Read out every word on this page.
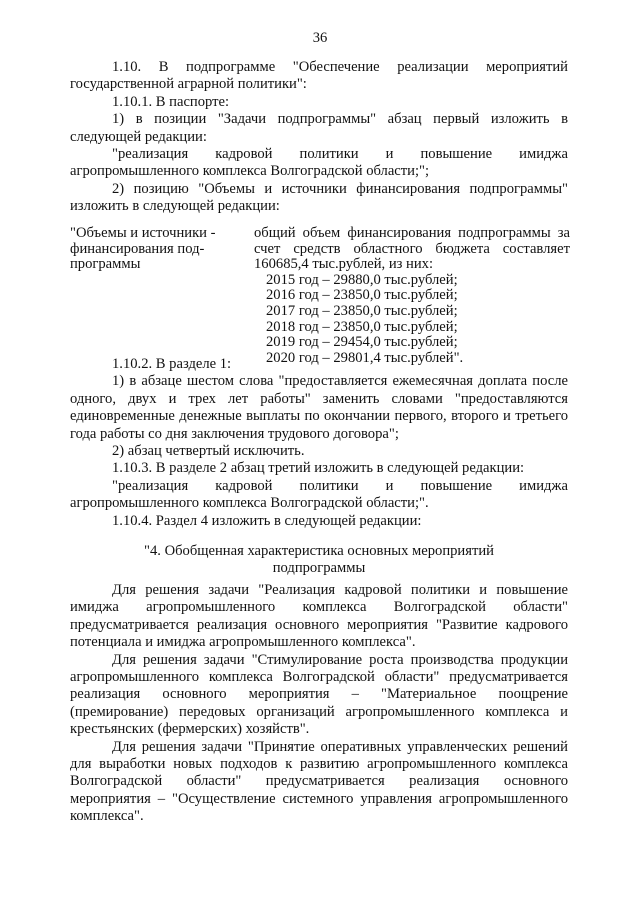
36

1.10. В подпрограмме "Обеспечение реализации мероприятий государственной аграрной политики":

1.10.1. В паспорте:

1) в позиции "Задачи подпрограммы" абзац первый изложить в следующей редакции:

"реализация кадровой политики и повышение имиджа агропромышленного комплекса Волгоградской области;";

2) позицию "Объемы и источники финансирования подпрограммы" изложить в следующей редакции:

"Объемы и источники -
финансирования под-
программы
общий объем финансирования подпрограммы за счет средств областного бюджета составляет 160685,4 тыс.рублей, из них:
2015 год – 29880,0 тыс.рублей;
2016 год – 23850,0 тыс.рублей;
2017 год – 23850,0 тыс.рублей;
2018 год – 23850,0 тыс.рублей;
2019 год – 29454,0 тыс.рублей;
2020 год – 29801,4 тыс.рублей".

1.10.2. В разделе 1:

1) в абзаце шестом слова "предоставляется ежемесячная доплата после одного, двух и трех лет работы" заменить словами "предоставляются единовременные денежные выплаты по окончании первого, второго и третьего года работы со дня заключения трудового договора";

2) абзац четвертый исключить.

1.10.3. В разделе 2 абзац третий изложить в следующей редакции:

"реализация кадровой политики и повышение имиджа агропромышленного комплекса Волгоградской области;".

1.10.4. Раздел 4 изложить в следующей редакции:

"4. Обобщенная характеристика основных мероприятий
подпрограммы

Для решения задачи "Реализация кадровой политики и повышение имиджа агропромышленного комплекса Волгоградской области" предусматривается реализация основного мероприятия "Развитие кадрового потенциала и имиджа агропромышленного комплекса".

Для решения задачи "Стимулирование роста производства продукции агропромышленного комплекса Волгоградской области" предусматривается реализация основного мероприятия – "Материальное поощрение (премирование) передовых организаций агропромышленного комплекса и крестьянских (фермерских) хозяйств".

Для решения задачи "Принятие оперативных управленческих решений для выработки новых подходов к развитию агропромышленного комплекса Волгоградской области" предусматривается реализация основного мероприятия – "Осуществление системного управления агропромышленного комплекса".
